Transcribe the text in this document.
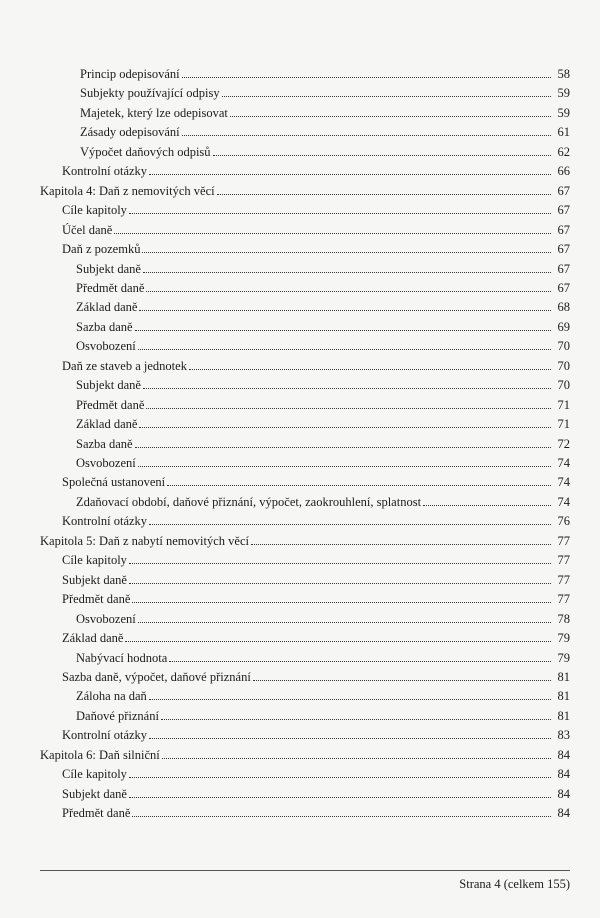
Princip odepisování	58
Subjekty používající odpisy	59
Majetek, který lze odepisovat	59
Zásady odepisování	61
Výpočet daňových odpisů	62
Kontrolní otázky	66
Kapitola 4: Daň z nemovitých věcí	67
Cíle kapitoly	67
Účel daně	67
Daň z pozemků	67
Subjekt daně	67
Předmět daně	67
Základ daně	68
Sazba daně	69
Osvobození	70
Daň ze staveb a jednotek	70
Subjekt daně	70
Předmět daně	71
Základ daně	71
Sazba daně	72
Osvobození	74
Společná ustanovení	74
Zdaňovací období, daňové přiznání, výpočet, zaokrouhlení, splatnost	74
Kontrolní otázky	76
Kapitola 5: Daň z nabytí nemovitých věcí	77
Cíle kapitoly	77
Subjekt daně	77
Předmět daně	77
Osvobození	78
Základ daně	79
Nabývací hodnota	79
Sazba daně, výpočet, daňové přiznání	81
Záloha na daň	81
Daňové přiznání	81
Kontrolní otázky	83
Kapitola 6: Daň silniční	84
Cíle kapitoly	84
Subjekt daně	84
Předmět daně	84
Strana 4 (celkem 155)
